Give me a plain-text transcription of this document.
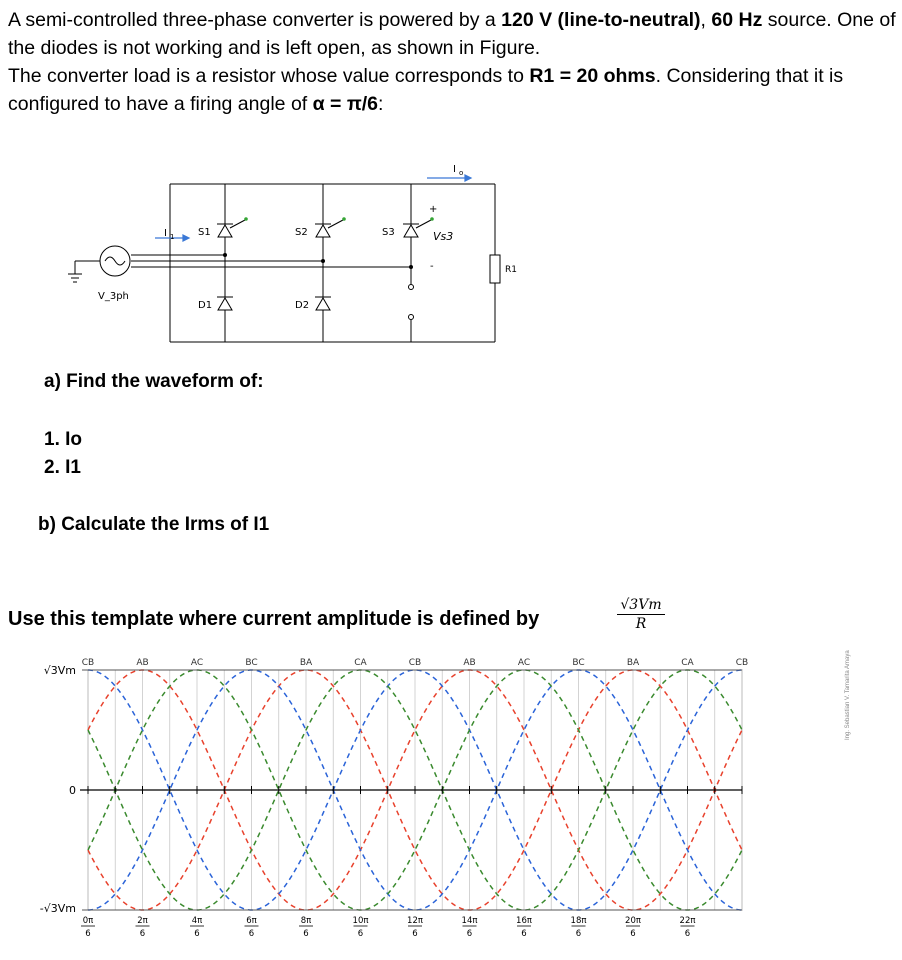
A semi-controlled three-phase converter is powered by a 120 V (line-to-neutral), 60 Hz source. One of the diodes is not working and is left open, as shown in Figure.
The converter load is a resistor whose value corresponds to R1 = 20 ohms. Considering that it is configured to have a firing angle of α = π/6:
V_3ph
I 1
I o
S1	S2	S3
D1	D2
R1
Vs3
+
-
a) Find the waveform of:
1. Io
2. I1
b) Calculate the Irms of I1
Use this template where current amplitude is defined by	$\frac{√3Vm}{R}$
CB	AB	AC	BC	BA	CA	CB	AB	AC	BC	BA	CA	CB
√3Vm
0
-√3Vm
0π
6
2π
6
4π
6
6π
6
8π
6
10π
6
12π
6
14π
6
16π
6
18π
6
20π
6
22π
6
Ing. Sebastian V. Tamarita Amaya
